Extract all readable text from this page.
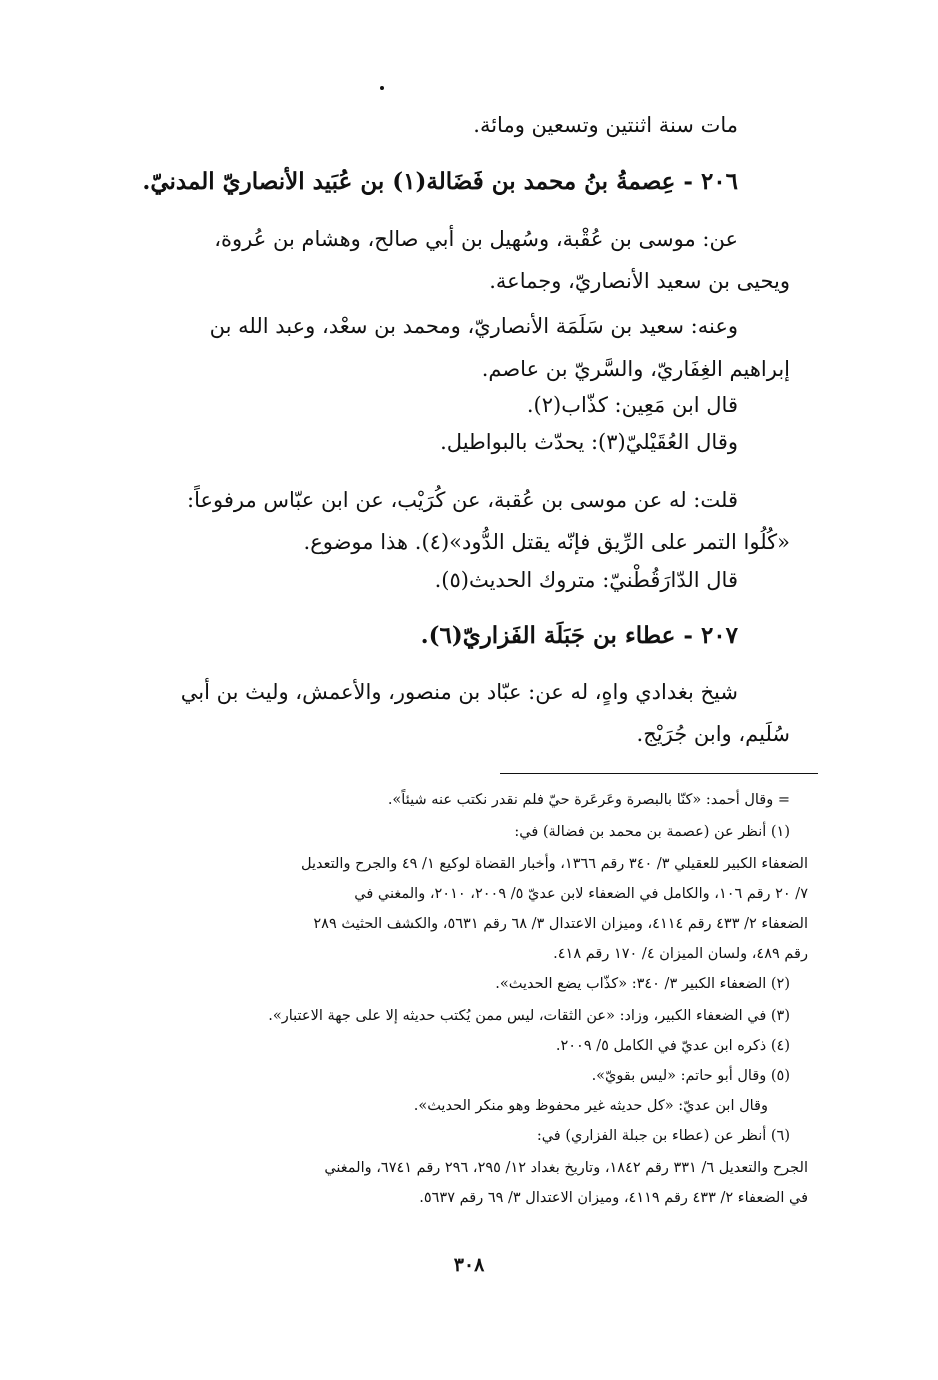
مات سنة اثنتين وتسعين ومائة.
٢٠٦ - عِصمةُ بنُ محمد بن فَضَالة(١) بن عُبَيد الأنصاريّ المدنيّ.
عن: موسى بن عُقْبة، وسُهيل بن أبي صالح، وهشام بن عُروة،
ويحيى بن سعيد الأنصاريّ، وجماعة.
وعنه: سعيد بن سَلَمَة الأنصاريّ، ومحمد بن سعْد، وعبد الله بن
إبراهيم الغِفَاريّ، والسَّريّ بن عاصم.
قال ابن مَعِين: كذّاب(٢).
وقال العُقَيْليّ(٣): يحدّث بالبواطيل.
قلت: له عن موسى بن عُقبة، عن كُرَيْب، عن ابن عبّاس مرفوعاً:
«كُلُوا التمر على الرِّيق فإنّه يقتل الدُّود»(٤). هذا موضوع.
قال الدّارَقُطْنيّ: متروك الحديث(٥).
٢٠٧ - عطاء بن جَبَلَة الفَزاريّ(٦).
شيخ بغدادي واهٍ، له عن: عبّاد بن منصور، والأعمش، وليث بن أبي
سُلَيم، وابن جُرَيْج.
= وقال أحمد: «كنّا بالبصرة وعَرعَرة حيّ فلم نقدر نكتب عنه شيئاً».
(١) أنظر عن (عصمة بن محمد بن فضالة) في:
الضعفاء الكبير للعقيلي ٣/ ٣٤٠ رقم ١٣٦٦، وأخبار القضاة لوكيع ١/ ٤٩ والجرح والتعديل
٧/ ٢٠ رقم ١٠٦، والكامل في الضعفاء لابن عديّ ٥/ ٢٠٠٩، ٢٠١٠، والمغني في
الضعفاء ٢/ ٤٣٣ رقم ٤١١٤، وميزان الاعتدال ٣/ ٦٨ رقم ٥٦٣١، والكشف الحثيث ٢٨٩
رقم ٤٨٩، ولسان الميزان ٤/ ١٧٠ رقم ٤١٨.
(٢) الضعفاء الكبير ٣/ ٣٤٠: «كذّاب يضع الحديث».
(٣) في الضعفاء الكبير، وزاد: «عن الثقات، ليس ممن يُكتب حديثه إلا على جهة الاعتبار».
(٤) ذكره ابن عديّ في الكامل ٥/ ٢٠٠٩.
(٥) وقال أبو حاتم: «ليس بقويّ».
وقال ابن عديّ: «كل حديثه غير محفوظ وهو منكر الحديث».
(٦) أنظر عن (عطاء بن جبلة الفزاري) في:
الجرح والتعديل ٦/ ٣٣١ رقم ١٨٤٢، وتاريخ بغداد ١٢/ ٢٩٥، ٢٩٦ رقم ٦٧٤١، والمغني
في الضعفاء ٢/ ٤٣٣ رقم ٤١١٩، وميزان الاعتدال ٣/ ٦٩ رقم ٥٦٣٧.
٣٠٨
